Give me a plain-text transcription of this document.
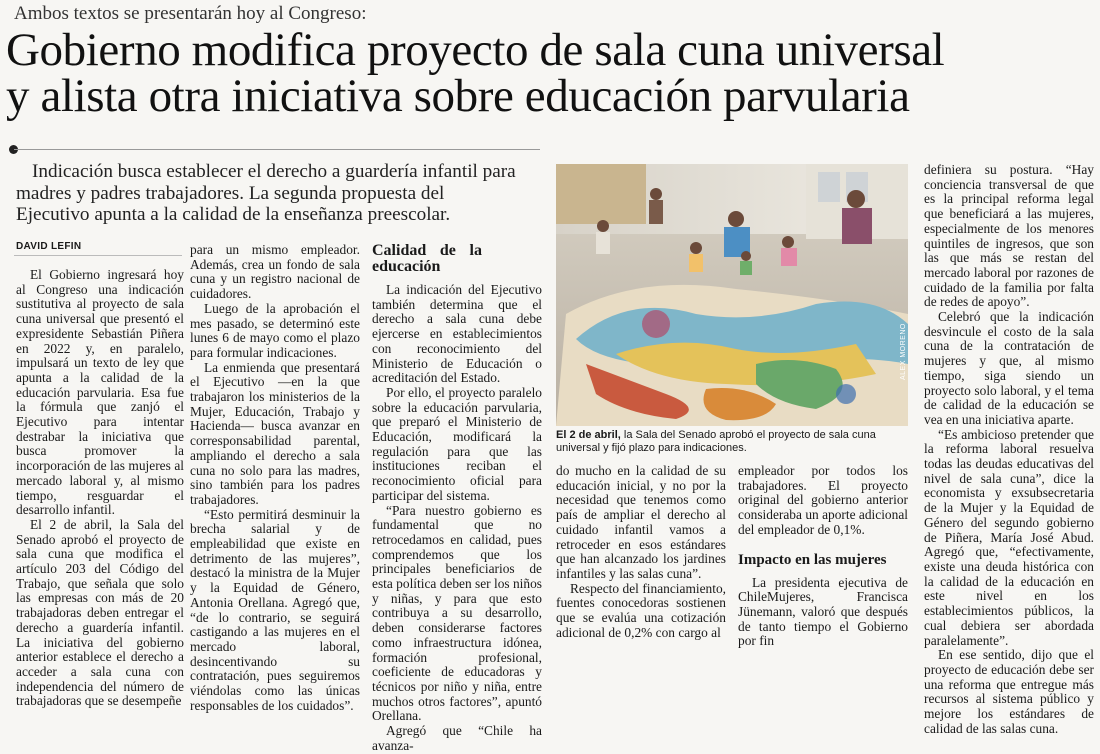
Ambos textos se presentarán hoy al Congreso:
Gobierno modifica proyecto de sala cuna universal
y alista otra iniciativa sobre educación parvularia
Indicación busca establecer el derecho a guardería infantil para
madres y padres trabajadores. La segunda propuesta del
Ejecutivo apunta a la calidad de la enseñanza preescolar.
DAVID LEFIN

El Gobierno ingresará hoy al Congreso una indicación sustitutiva al proyecto de sala cuna universal que presentó el expresidente Sebastián Piñera en 2022 y, en paralelo, impulsará un texto de ley que apunta a la calidad de la educación parvularia. Esa fue la fórmula que zanjó el Ejecutivo para intentar destrabar la iniciativa que busca promover la incorporación de las mujeres al mercado laboral y, al mismo tiempo, resguardar el desarrollo infantil.

El 2 de abril, la Sala del Senado aprobó el proyecto de sala cuna que modifica el artículo 203 del Código del Trabajo, que señala que solo las empresas con más de 20 trabajadoras deben entregar el derecho a guardería infantil. La iniciativa del gobierno anterior establece el derecho a acceder a sala cuna con independencia del número de trabajadoras que se desempeñe

para un mismo empleador. Además, crea un fondo de sala cuna y un registro nacional de cuidadores.

Luego de la aprobación el mes pasado, se determinó este lunes 6 de mayo como el plazo para formular indicaciones.

La enmienda que presentará el Ejecutivo —en la que trabajaron los ministerios de la Mujer, Educación, Trabajo y Hacienda— busca avanzar en corresponsabilidad parental, ampliando el derecho a sala cuna no solo para las madres, sino también para los padres trabajadores.

“Esto permitirá desminuir la brecha salarial y de empleabilidad que existe en detrimento de las mujeres”, destacó la ministra de la Mujer y la Equidad de Género, Antonia Orellana. Agregó que, “de lo contrario, se seguirá castigando a las mujeres en el mercado laboral, desincentivando su contratación, pues seguiremos viéndolas como las únicas responsables de los cuidados”.

Calidad de la educación

La indicación del Ejecutivo también determina que el derecho a sala cuna debe ejercerse en establecimientos con reconocimiento del Ministerio de Educación o acreditación del Estado.

Por ello, el proyecto paralelo sobre la educación parvularia, que preparó el Ministerio de Educación, modificará la regulación para que las instituciones reciban el reconocimiento oficial para participar del sistema.

“Para nuestro gobierno es fundamental que no retrocedamos en calidad, pues comprendemos que los principales beneficiarios de esta política deben ser los niños y niñas, y para que esto contribuya a su desarrollo, deben considerarse factores como infraestructura idónea, formación profesional, coeficiente de educadoras y técnicos por niño y niña, entre muchos otros factores”, apuntó Orellana.

Agregó que “Chile ha avanza-

ALEX MORENO
El 2 de abril, la Sala del Senado aprobó el proyecto de sala cuna universal y fijó plazo para indicaciones.

do mucho en la calidad de su educación inicial, y no por la necesidad que tenemos como país de ampliar el derecho al cuidado infantil vamos a retroceder en esos estándares que han alcanzado los jardines infantiles y las salas cuna”.

Respecto del financiamiento, fuentes conocedoras sostienen que se evalúa una cotización adicional de 0,2% con cargo al

empleador por todos los trabajadores. El proyecto original del gobierno anterior consideraba un aporte adicional del empleador de 0,1%.

Impacto en las mujeres

La presidenta ejecutiva de ChileMujeres, Francisca Jünemann, valoró que después de tanto tiempo el Gobierno por fin

definiera su postura. “Hay conciencia transversal de que es la principal reforma legal que beneficiará a las mujeres, especialmente de los menores quintiles de ingresos, que son las que más se restan del mercado laboral por razones de cuidado de la familia por falta de redes de apoyo”.

Celebró que la indicación desvincule el costo de la sala cuna de la contratación de mujeres y que, al mismo tiempo, siga siendo un proyecto solo laboral, y el tema de calidad de la educación se vea en una iniciativa aparte.

“Es ambicioso pretender que la reforma laboral resuelva todas las deudas educativas del nivel de sala cuna”, dice la economista y exsubsecretaria de la Mujer y la Equidad de Género del segundo gobierno de Piñera, María José Abud. Agregó que, “efectivamente, existe una deuda histórica con la calidad de la educación en este nivel en los establecimientos públicos, la cual debiera ser abordada paralelamente”.

En ese sentido, dijo que el proyecto de educación debe ser una reforma que entregue más recursos al sistema público y mejore los estándares de calidad de las salas cuna.
